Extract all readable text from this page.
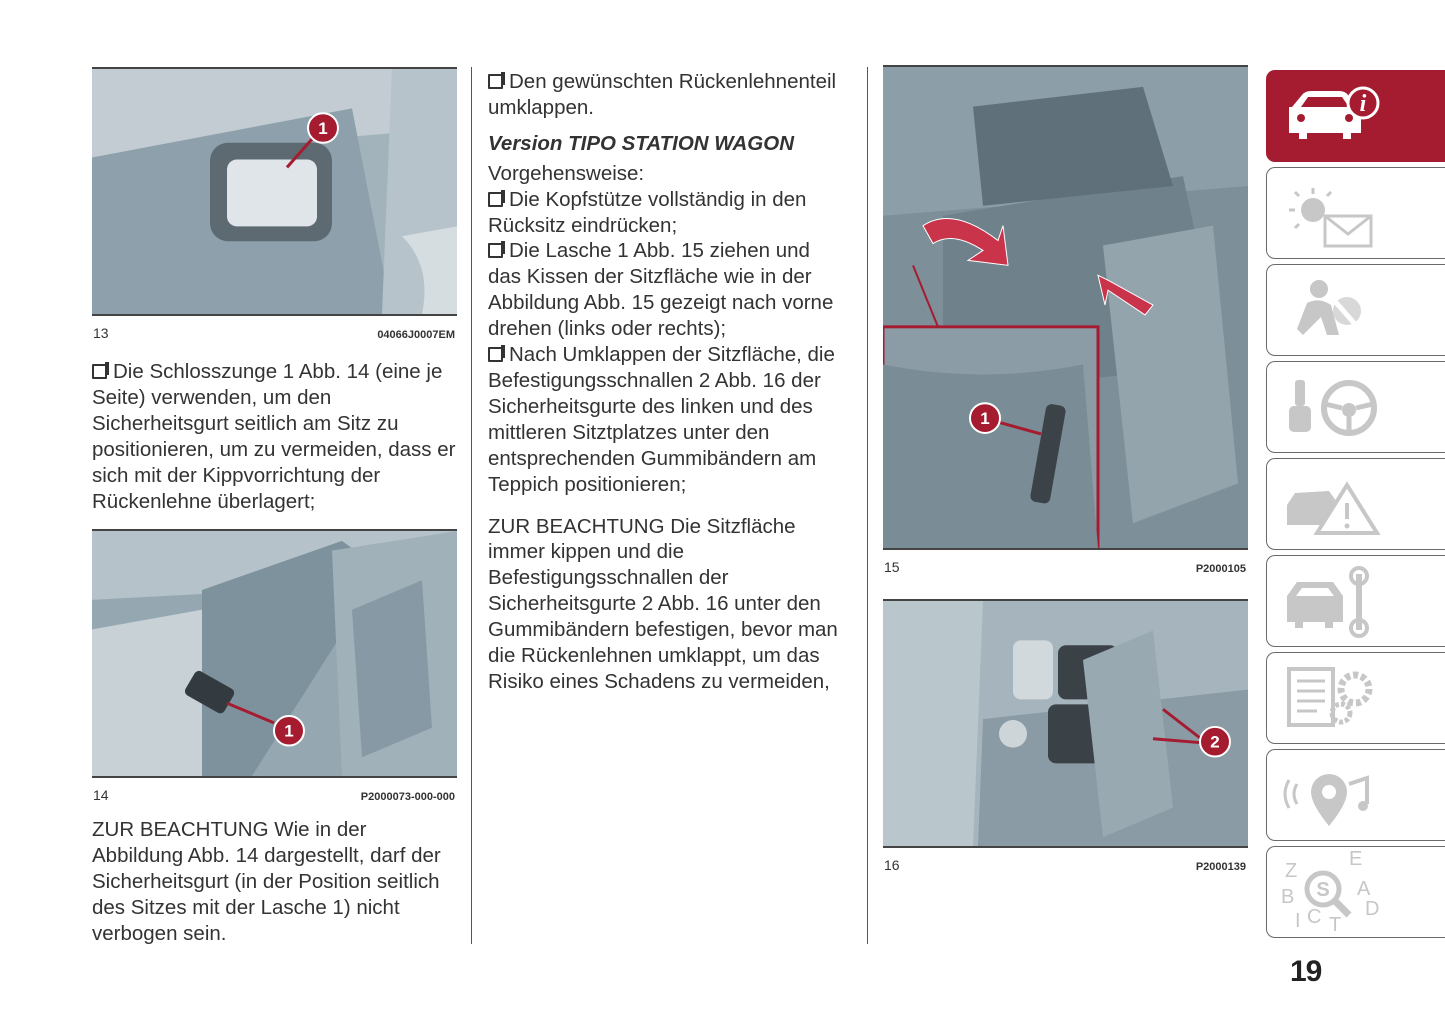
1
13	04066J0007EM

Die Schlosszunge 1 Abb. 14 (eine je Seite) verwenden, um den Sicherheitsgurt seitlich am Sitz zu positionieren, um zu vermeiden, dass er sich mit der Kippvorrichtung der Rückenlehne überlagert;

1
14	P2000073-000-000

ZUR BEACHTUNG Wie in der Abbildung Abb. 14 dargestellt, darf der Sicherheitsgurt (in der Position seitlich des Sitzes mit der Lasche 1) nicht verbogen sein.

Den gewünschten Rückenlehnenteil umklappen.

Version TIPO STATION WAGON

Vorgehensweise:

Die Kopfstütze vollständig in den Rücksitz eindrücken;

Die Lasche 1 Abb. 15 ziehen und das Kissen der Sitzfläche wie in der Abbildung Abb. 15 gezeigt nach vorne drehen (links oder rechts);

Nach Umklappen der Sitzfläche, die Befestigungsschnallen 2 Abb. 16 der Sicherheitsgurte des linken und des mittleren Sitztplatzes unter den entsprechenden Gummibändern am Teppich positionieren;

ZUR BEACHTUNG Die Sitzfläche immer kippen und die Befestigungsschnallen der Sicherheitsgurte 2 Abb. 16 unter den Gummibändern befestigen, bevor man die Rückenlehnen umklappt, um das Risiko eines Schadens zu vermeiden,

1
15	P2000105
2
16	P2000139
i
Z
E
A
B
D
I C T
S
19
